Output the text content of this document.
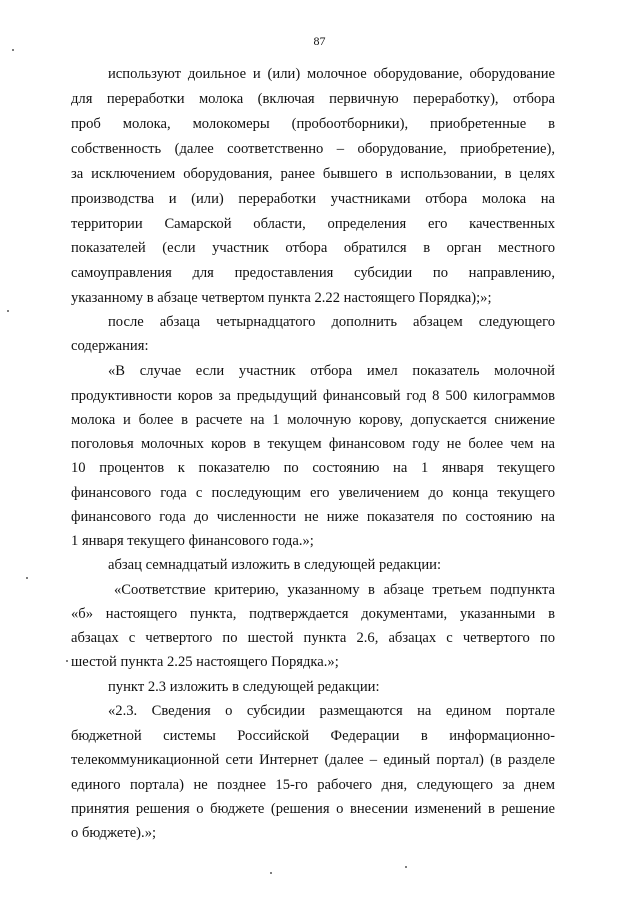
87
используют доильное и (или) молочное оборудование, оборудование
для переработки молока (включая первичную переработку), отбора
проб молока, молокомеры (пробоотборники), приобретенные в
собственность (далее соответственно – оборудование, приобретение),
за исключением оборудования, ранее бывшего в использовании, в целях
производства и (или) переработки участниками отбора молока на
территории Самарской области, определения его качественных
показателей (если участник отбора обратился в орган местного
самоуправления для предоставления субсидии по направлению,
указанному в абзаце четвертом пункта 2.22 настоящего Порядка);»;
после абзаца четырнадцатого дополнить абзацем следующего
содержания:
«В случае если участник отбора имел показатель молочной
продуктивности коров за предыдущий финансовый год 8 500 килограммов
молока и более в расчете на 1 молочную корову, допускается снижение
поголовья молочных коров в текущем финансовом году не более чем на
10 процентов к показателю по состоянию на 1 января текущего
финансового года с последующим его увеличением до конца текущего
финансового года до численности не ниже показателя по состоянию на
1 января текущего финансового года.»;
абзац семнадцатый изложить в следующей редакции:
«Соответствие критерию, указанному в абзаце третьем подпункта
«б» настоящего пункта, подтверждается документами, указанными в
абзацах с четвертого по шестой пункта 2.6, абзацах с четвертого по
шестой пункта 2.25 настоящего Порядка.»;
пункт 2.3 изложить в следующей редакции:
«2.3. Сведения о субсидии размещаются на едином портале
бюджетной системы Российской Федерации в информационно-
телекоммуникационной сети Интернет (далее – единый портал) (в разделе
единого портала) не позднее 15-го рабочего дня, следующего за днем
принятия решения о бюджете (решения о внесении изменений в решение
о бюджете).»;
